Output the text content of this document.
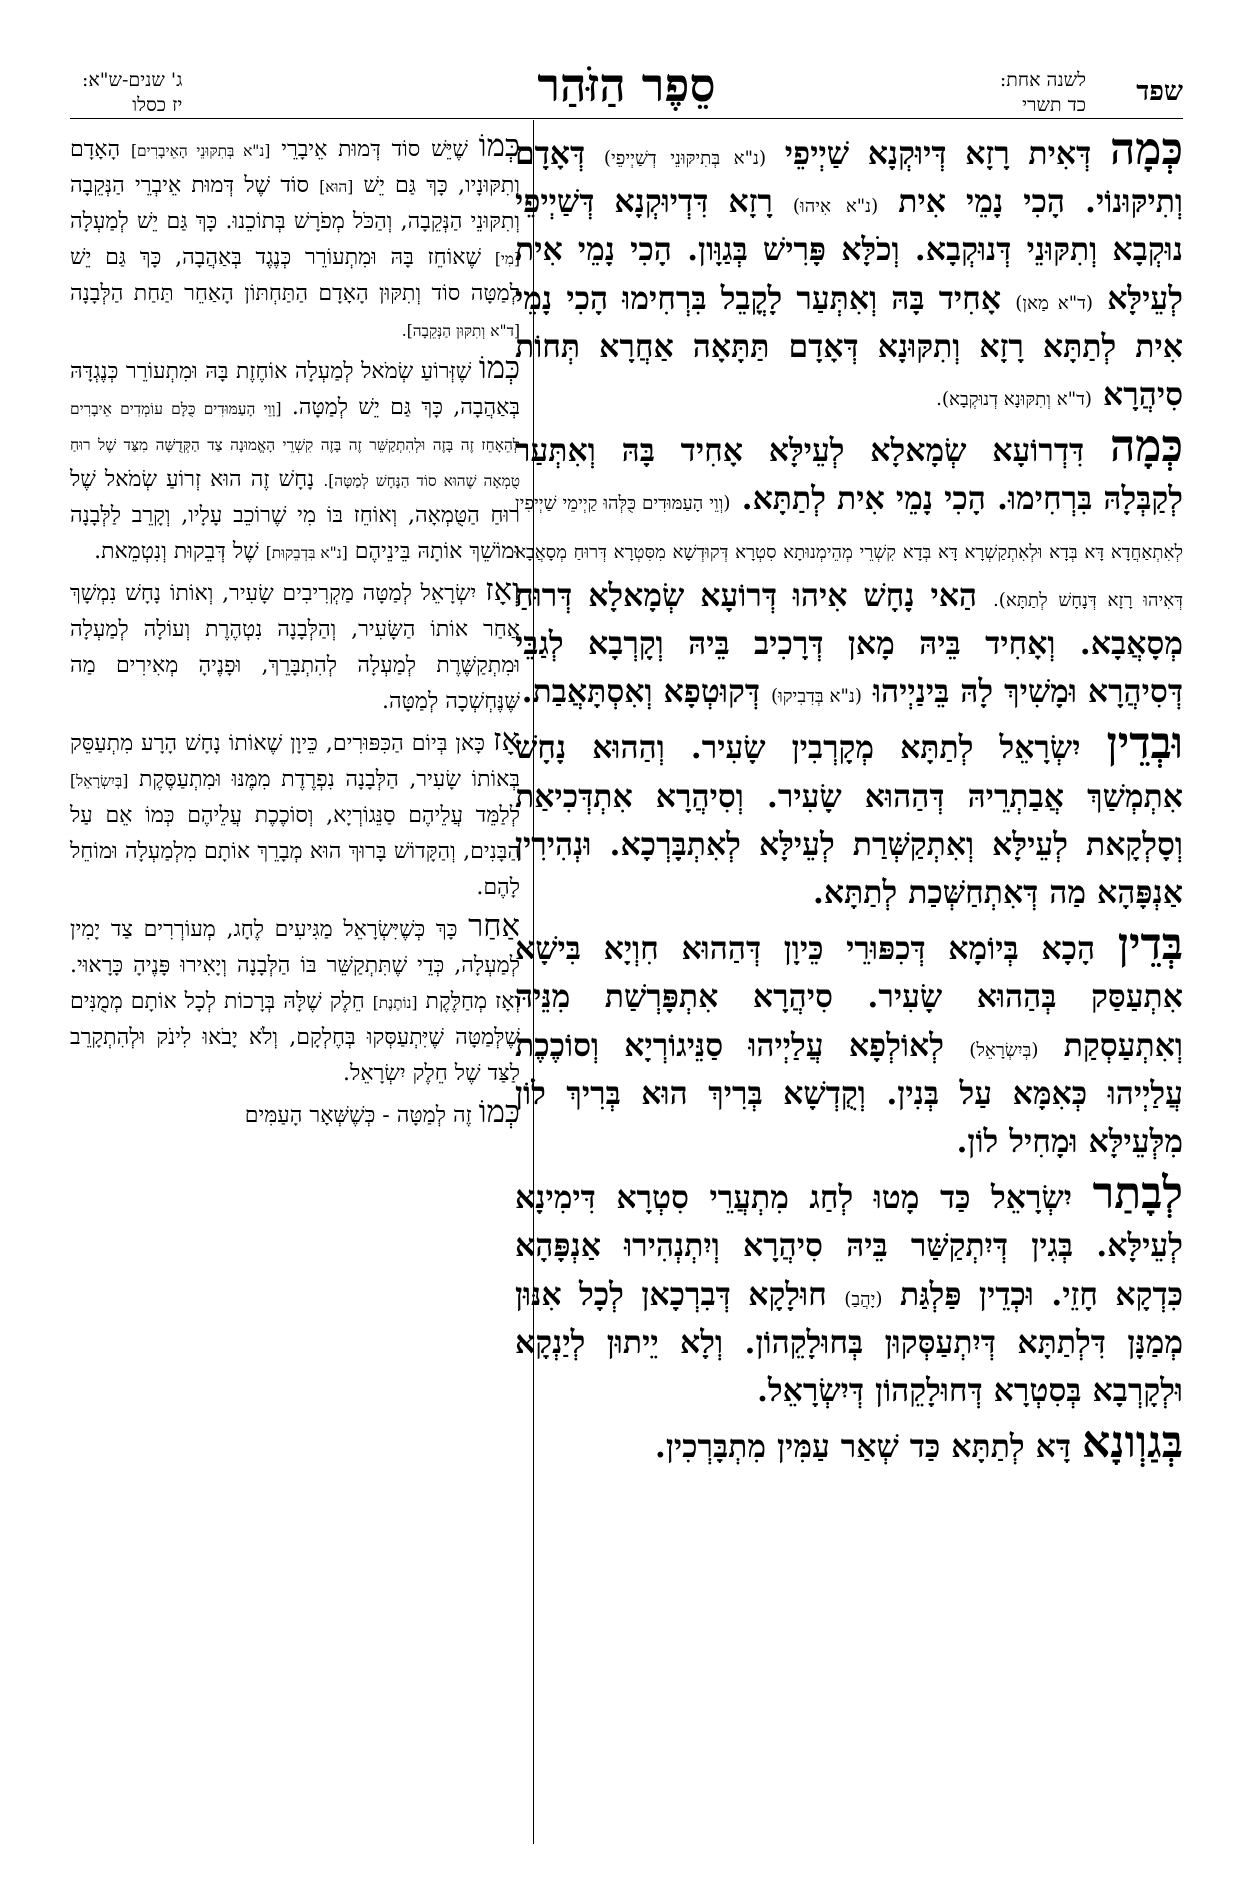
שפד
לשנה אחת:
כד תשרי
סֵפֶר הַזֹּהַר
ג' שנים-ש"א:
יז כסלו

כְּמָה דְּאִית רָזָא דְּיוּקְנָא שַׁיְיפֵי (נ"א בְּתִיקּוּנֵי דְשַׁיְיפֵי) דְּאָדָם וְתִיקּוּנוֹי. הָכִי נָמֵי אִית (נ"א אִיהוּ) רָזָא דִּדְיוּקְנָא דְּשַׁיְיפֵי נוּקְבָא וְתִקּוּנֵי דְּנוּקְבָא. וְכֹלָּא פָּרִישׁ בְּגַוָּון. הָכִי נָמֵי אִית לְעֵילָּא (ד"א מַאן) אָחִיד בָּהּ וְאִתְּעַר לָקֳבֵל בִּרְחִימוּ הָכִי נָמֵי אִית לְתַתָּא רָזָא וְתִקּוּנָא דְּאָדָם תַּתָּאָה אַחֲרָא תְּחוֹת סִיהֲרָא (ד"א וְתִקּוּנָא דְנוּקְבָא).

כְּמָה דִּדְרוֹעָא שְׂמָאלָא לְעֵילָּא אָחִיד בָּהּ וְאִתְּעַר לְקַבְּלָהּ בִּרְחִימוּ. הָכִי נָמֵי אִית לְתַתָּא. (וְוֵי הָעַמּוּדִים כֻּלְּהוּ קַיְימֵי שַׁיְיפִין לְאִתְאַחֲדָא דָּא בְּדָא וּלְאִתְקַשְׁרָא דָּא בְּדָא קִשְׁרֵי מְהֵימְנוּתָא סִטְרָא דְּקוּדְשָׁא מִסִּטְרָא דְּרוּחַ מְסָאֲבָא דְּאִיהוּ רָזָא דְּנָחָשׁ לְתַתָּא). הַאי נָחָשׁ אִיהוּ דְּרוֹעָא שְׂמָאלָא דְּרוּחַ מְסָאֲבָא. וְאָחִיד בֵּיהּ מָאן דְּרָכִיב בֵּיהּ וְקָרְבָא לְגַבֵּי דְּסִיהֲרָא וּמָשִׁיךְ לָהּ בֵּינַיְיהוּ (נ"א בְּדִבִיקוּ) דְּקוּטְפָא וְאִסְתָּאֲבַת.

וּבְדֵין יִשְׂרָאֵל לְתַתָּא מְקָרְבִין שָׂעִיר. וְהַהוּא נָחָשׁ אִתְמְשַׁךְ אֲבַתְרֵיהּ דְּהַהוּא שָׂעִיר. וְסִיהֲרָא אִתְדְּכִיאַת וְסָלְקָאת לְעֵילָּא וְאִתְקַשְּׁרַת לְעֵילָּא לְאִתְבָּרְכָא. וּנְהִירִין אַנְפָּהָא מַה דְּאִתְחַשְּׁכַת לְתַתָּא.

בְּדֵין הָכָא בְּיוֹמָא דְּכִפּוּרֵי כֵּיוָן דְּהַהוּא חִוְיָא בִּישָׁא אִתְעַסַּק בְּהַהוּא שָׂעִיר. סִיהֲרָא אִתְפָּרְשַׁת מִנֵּיהּ וְאִתְעַסְקַת (בְּיִשְׂרָאֵל) לְאוֹלְפָא עֲלַיְיהוּ סַנֵּיגוֹרְיָא וְסוֹכֶכֶת עֲלַיְיהוּ כְּאִמָּא עַל בְּנִין. וְקֻדְשָׁא בְּרִיךְ הוּא בְּרִיךְ לוֹן מִלְּעֵילָּא וּמָחִיל לוֹן.

לְבָתַר יִשְׂרָאֵל כַּד מָטוּ לְחַג מִתְעֲרֵי סִטְרָא דִּימִינָא לְעֵילָּא. בְּגִין דְּיִתְקַשַּׁר בֵּיהּ סִיהֲרָא וְיִתְנְהִירוּ אַנְפָּהָא כִּדְקָא חָזֵי. וּכְדֵין פַּלְגַּת (יָהֲבַ) חוּלָקָא דְּבִרְכָאן לְכָל אִנּוּן מְמַנָּן דִּלְתַתָּא דְּיִתְעַסְּקוּן בְּחוּלָקֵהוֹן. וְלָא יֵיתוּן לְיַנְקָא וּלְקָרְבָא בְּסִטְרָא דְּחוּלָקֵהוֹן דְּיִשְׂרָאֵל.

בְּגַוְונָא דָּא לְתַתָּא כַּד שְׁאַר עַמִּין מִתְבָּרְכִין.

כְּמוֹ שֶׁיֵּשׁ סוֹד דְּמוּת אֵיבָרֵי [נ"א בְּתִקּוּנֵי הָאֵיבָרִים] הָאָדָם וְתִקּוּנָיו, כָּךְ גַּם יֵשׁ [הוּא] סוֹד שֶׁל דְּמוּת אֵיבְרֵי הַנְּקֵבָה וְתִקּוּנֵי הַנְּקֵבָה, וְהַכֹּל מְפֹרָשׁ בְּתוֹכֵנוּ. כָּךְ גַּם יֵשׁ לְמַעְלָה [מִי] שֶׁאוֹחֵז בָּהּ וּמִתְעוֹרֵר כְּנֶגֶד בְּאַהֲבָה, כָּךְ גַּם יֵשׁ לְמַטָּה סוֹד וְתִקּוּן הָאָדָם הַתַּחְתּוֹן הָאַחֵר תַּחַת הַלְּבָנָה [ד"א וְתִקּוּן הַנְּקֵבָה].

כְּמוֹ שֶׁזְּרוֹעַ שְׂמֹאל לְמַעְלָה אוֹחֶזֶת בָּהּ וּמִתְעוֹרֵר כְּנֶגְדָּהּ בְּאַהֲבָה, כָּךְ גַּם יֵשׁ לְמַטָּה. [וָוֵי הָעַמּוּדִים כֻּלָּם עוֹמְדִים אֵיבָרִים לְהֵאָחֵז זֶה בָּזֶה וּלְהִתְקַשֵּׁר זֶה בָּזֶה קִשְׁרֵי הָאֱמוּנָה צַד הַקְּדֻשָּׁה מִצַּד שֶׁל רוּחַ טֻמְאָה שֶׁהוּא סוֹד הַנָּחָשׁ לְמַטָּה]. נָחָשׁ זֶה הוּא זְרוֹעַ שְׂמֹאל שֶׁל רוּחַ הַטֻּמְאָה, וְאוֹחֵז בּוֹ מִי שֶׁרוֹכֵב עָלָיו, וְקָרֵב לַלְּבָנָה וּמוֹשֵׁךְ אוֹתָהּ בֵּינֵיהֶם [נ"א בִּדְבֵקוּת] שֶׁל דְּבֵקוּת וְנִטְמֵאת.

וְאָז יִשְׂרָאֵל לְמַטָּה מַקְרִיבִים שָׂעִיר, וְאוֹתוֹ נָחָשׁ נִמְשָׁךְ אַחַר אוֹתוֹ הַשָּׂעִיר, וְהַלְּבָנָה נִטְהֶרֶת וְעוֹלָה לְמַעְלָה וּמִתְקַשֶּׁרֶת לְמַעְלָה לְהִתְבָּרֵךְ, וּפָנֶיהָ מְאִירִים מַה שֶּׁנֶּחְשְׁכָה לְמַטָּה.

אָז כָּאן בְּיוֹם הַכִּפּוּרִים, כֵּיוָן שֶׁאוֹתוֹ נָחָשׁ הָרָע מִתְעַסֵּק בְּאוֹתוֹ שָׂעִיר, הַלְּבָנָה נִפְרֶדֶת מִמֶּנּוּ וּמִתְעַסֶּקֶת [בְּיִשְׂרָאֵל] לְלַמֵּד עֲלֵיהֶם סַנֵּגוֹרְיָא, וְסוֹכֶכֶת עֲלֵיהֶם כְּמוֹ אֵם עַל הַבָּנִים, וְהַקָּדוֹשׁ בָּרוּךְ הוּא מְבָרֵךְ אוֹתָם מִלְמַעְלָה וּמוֹחֵל לָהֶם.

אַחַר כָּךְ כְּשֶׁיִּשְׂרָאֵל מַגִּיעִים לֶחָג, מְעוֹרְרִים צַד יָמִין לְמַעְלָה, כְּדֵי שֶׁתִּתְקַשֵּׁר בּוֹ הַלְּבָנָה וְיָאִירוּ פָּנֶיהָ כָּרָאוּי. וְאָז מְחַלֶּקֶת [נוֹתֶנֶת] חֵלֶק שֶׁלָּהּ בְּרָכוֹת לְכָל אוֹתָם מְמֻנִּים שֶׁלְּמַטָּה שֶׁיִּתְעַסְּקוּ בְּחֶלְקָם, וְלֹא יָבֹאוּ לִינֹק וּלְהִתְקָרֵב לַצַּד שֶׁל חֵלֶק יִשְׂרָאֵל.

כְּמוֹ זֶה לְמַטָּה - כְּשֶׁשְּׁאָר הָעַמִּים
